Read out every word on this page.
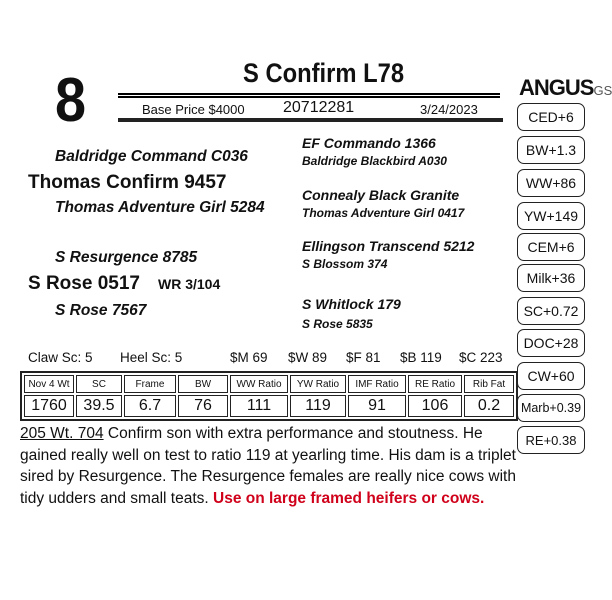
8	S Confirm L78
Base Price $4000 20712281	3/24/2023
Baldridge Command C036
Thomas Confirm 9457
Thomas Adventure Girl 5284
S Resurgence 8785
S Rose 0517 WR 3/104
S Rose 7567
EF Commando 1366
Baldridge Blackbird A030
Connealy Black Granite
Thomas Adventure Girl 0417
Ellingson Transcend 5212
S Blossom 374
S Whitlock 179
S Rose 5835
Claw Sc: 5 Heel Sc: 5	$M 69 $W 89 $F 81 $B 119 $C 223
Nov 4 Wt	SC	Frame	BW	WW Ratio	YW Ratio	IMF Ratio	RE Ratio	Rib Fat
1760	39.5	6.7	76	111	119	91	106	0.2
ANGUSGS
CED+6
BW+1.3
WW+86
YW+149
CEM+6
Milk+36
SC+0.72
DOC+28
CW+60
Marb+0.39
RE+0.38
205 Wt. 704 Confirm son with extra performance and stoutness. He gained really well on test to ratio 119 at yearling time. His dam is a triplet sired by Resurgence. The Resurgence females are really nice cows with tidy udders and small teats. Use on large framed heifers or cows.
